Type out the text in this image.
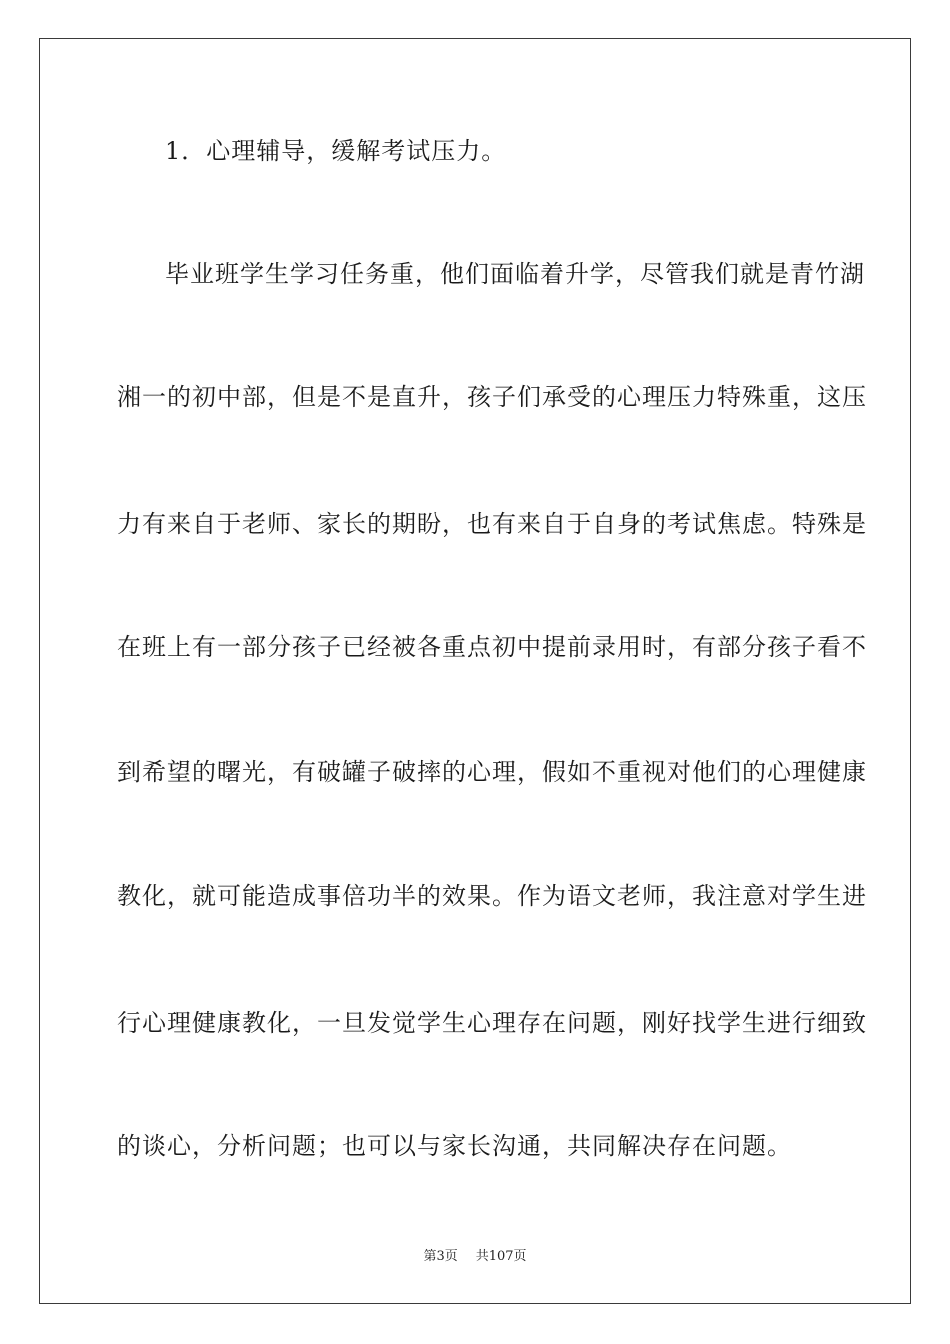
1．心理辅导，缓解考试压力。
毕业班学生学习任务重，他们面临着升学，尽管我们就是青竹湖
湘一的初中部，但是不是直升，孩子们承受的心理压力特殊重，这压
力有来自于老师、家长的期盼，也有来自于自身的考试焦虑。特殊是
在班上有一部分孩子已经被各重点初中提前录用时，有部分孩子看不
到希望的曙光，有破罐子破摔的心理，假如不重视对他们的心理健康
教化，就可能造成事倍功半的效果。作为语文老师，我注意对学生进
行心理健康教化，一旦发觉学生心理存在问题，刚好找学生进行细致
的谈心，分析问题；也可以与家长沟通，共同解决存在问题。
第3页 共107页
